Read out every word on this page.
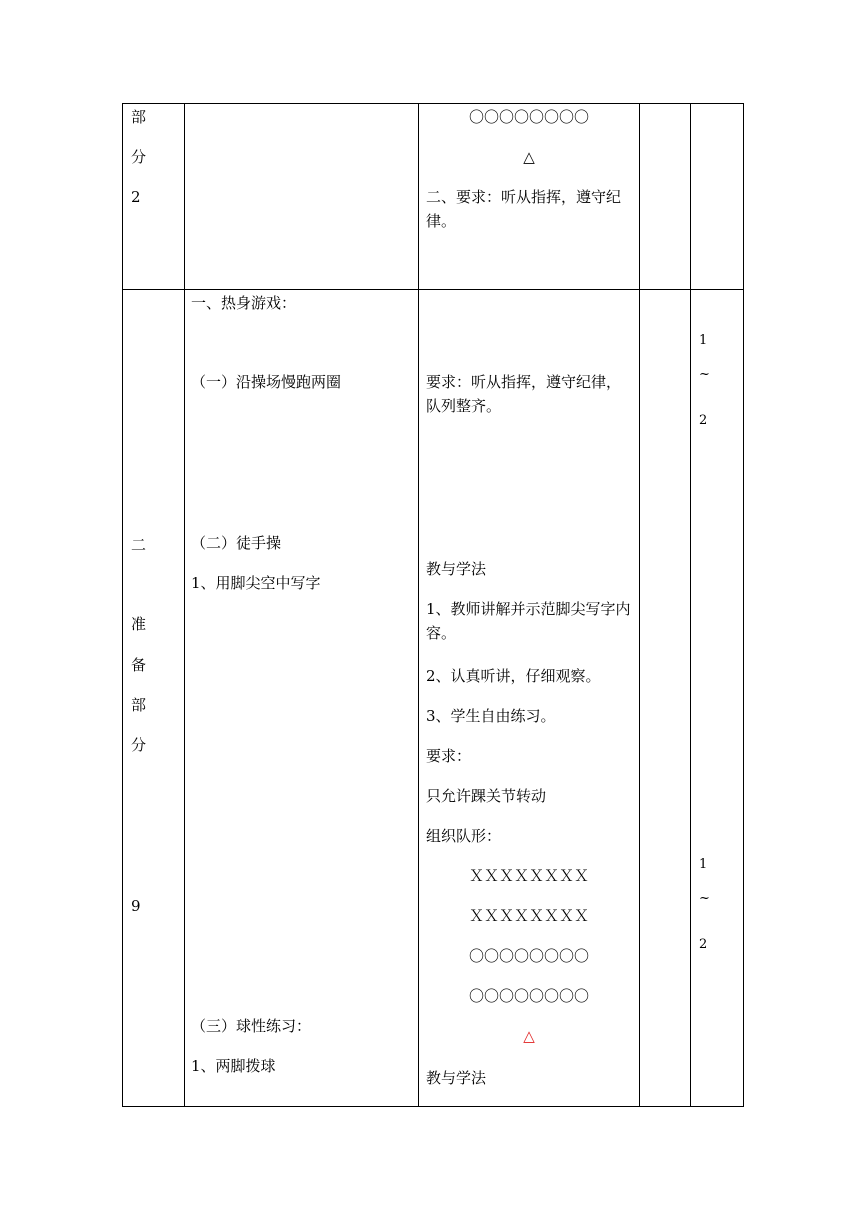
部
分
2
〇〇〇〇〇〇〇〇
△
二、要求：听从指挥，遵守纪律。
二
准
备
部
分
9
一、热身游戏：
（一）沿操场慢跑两圈
（二）徒手操
1、用脚尖空中写字
（三）球性练习：
1、两脚拨球
要求：听从指挥，遵守纪律，队列整齐。
教与学法
1、教师讲解并示范脚尖写字内容。
2、认真听讲，仔细观察。
3、学生自由练习。
要求：
只允许踝关节转动
组织队形：
ＸＸＸＸＸＸＸＸ
ＸＸＸＸＸＸＸＸ
〇〇〇〇〇〇〇〇
〇〇〇〇〇〇〇〇
△
教与学法
1
~
2
1
~
2
